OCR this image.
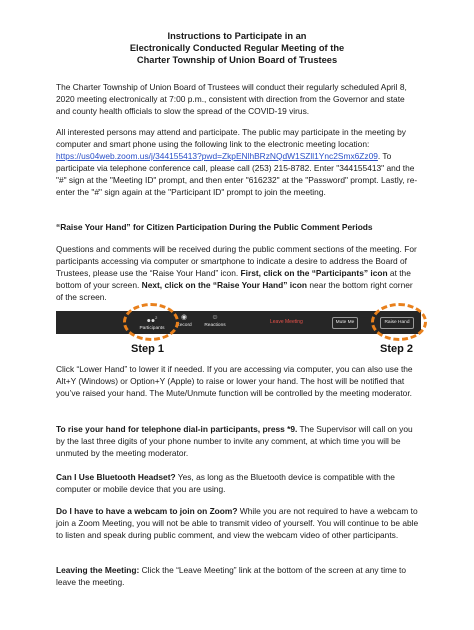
Instructions to Participate in an
Electronically Conducted Regular Meeting of the
Charter Township of Union Board of Trustees

The Charter Township of Union Board of Trustees will conduct their regularly scheduled April 8, 2020 meeting electronically at 7:00 p.m., consistent with direction from the Governor and state and county health officials to slow the spread of the COVID-19 virus.

All interested persons may attend and participate. The public may participate in the meeting by computer and smart phone using the following link to the electronic meeting location: https://us04web.zoom.us/j/344155413?pwd=ZkpENlhBRzNQdW1SZll1Ync2Smx6Zz09. To participate via telephone conference call, please call (253) 215-8782. Enter "344155413" and the "#" sign at the "Meeting ID" prompt, and then enter "616232" at the "Password" prompt. Lastly, re-enter the "#" sign again at the "Participant ID" prompt to join the meeting.

“Raise Your Hand” for Citizen Participation During the Public Comment Periods

Questions and comments will be received during the public comment sections of the meeting. For participants accessing via computer or smartphone to indicate a desire to address the Board of Trustees, please use the “Raise Your Hand” icon. First, click on the “Participants” icon at the bottom of your screen. Next, click on the “Raise Your Hand” icon near the bottom right corner of the screen.

●●$^2$
Participants
◉
Record
☺
Reactions
Leave Meeting	Mute Me	Raise Hand
Step 1	Step 2

Click “Lower Hand” to lower it if needed. If you are accessing via computer, you can also use the Alt+Y (Windows) or Option+Y (Apple) to raise or lower your hand. The host will be notified that you’ve raised your hand. The Mute/Unmute function will be controlled by the meeting moderator.

To rise your hand for telephone dial-in participants, press *9. The Supervisor will call on you by the last three digits of your phone number to invite any comment, at which time you will be unmuted by the meeting moderator.

Can I Use Bluetooth Headset? Yes, as long as the Bluetooth device is compatible with the computer or mobile device that you are using.

Do I have to have a webcam to join on Zoom? While you are not required to have a webcam to join a Zoom Meeting, you will not be able to transmit video of yourself. You will continue to be able to listen and speak during public comment, and view the webcam video of other participants.

Leaving the Meeting: Click the “Leave Meeting” link at the bottom of the screen at any time to leave the meeting.
